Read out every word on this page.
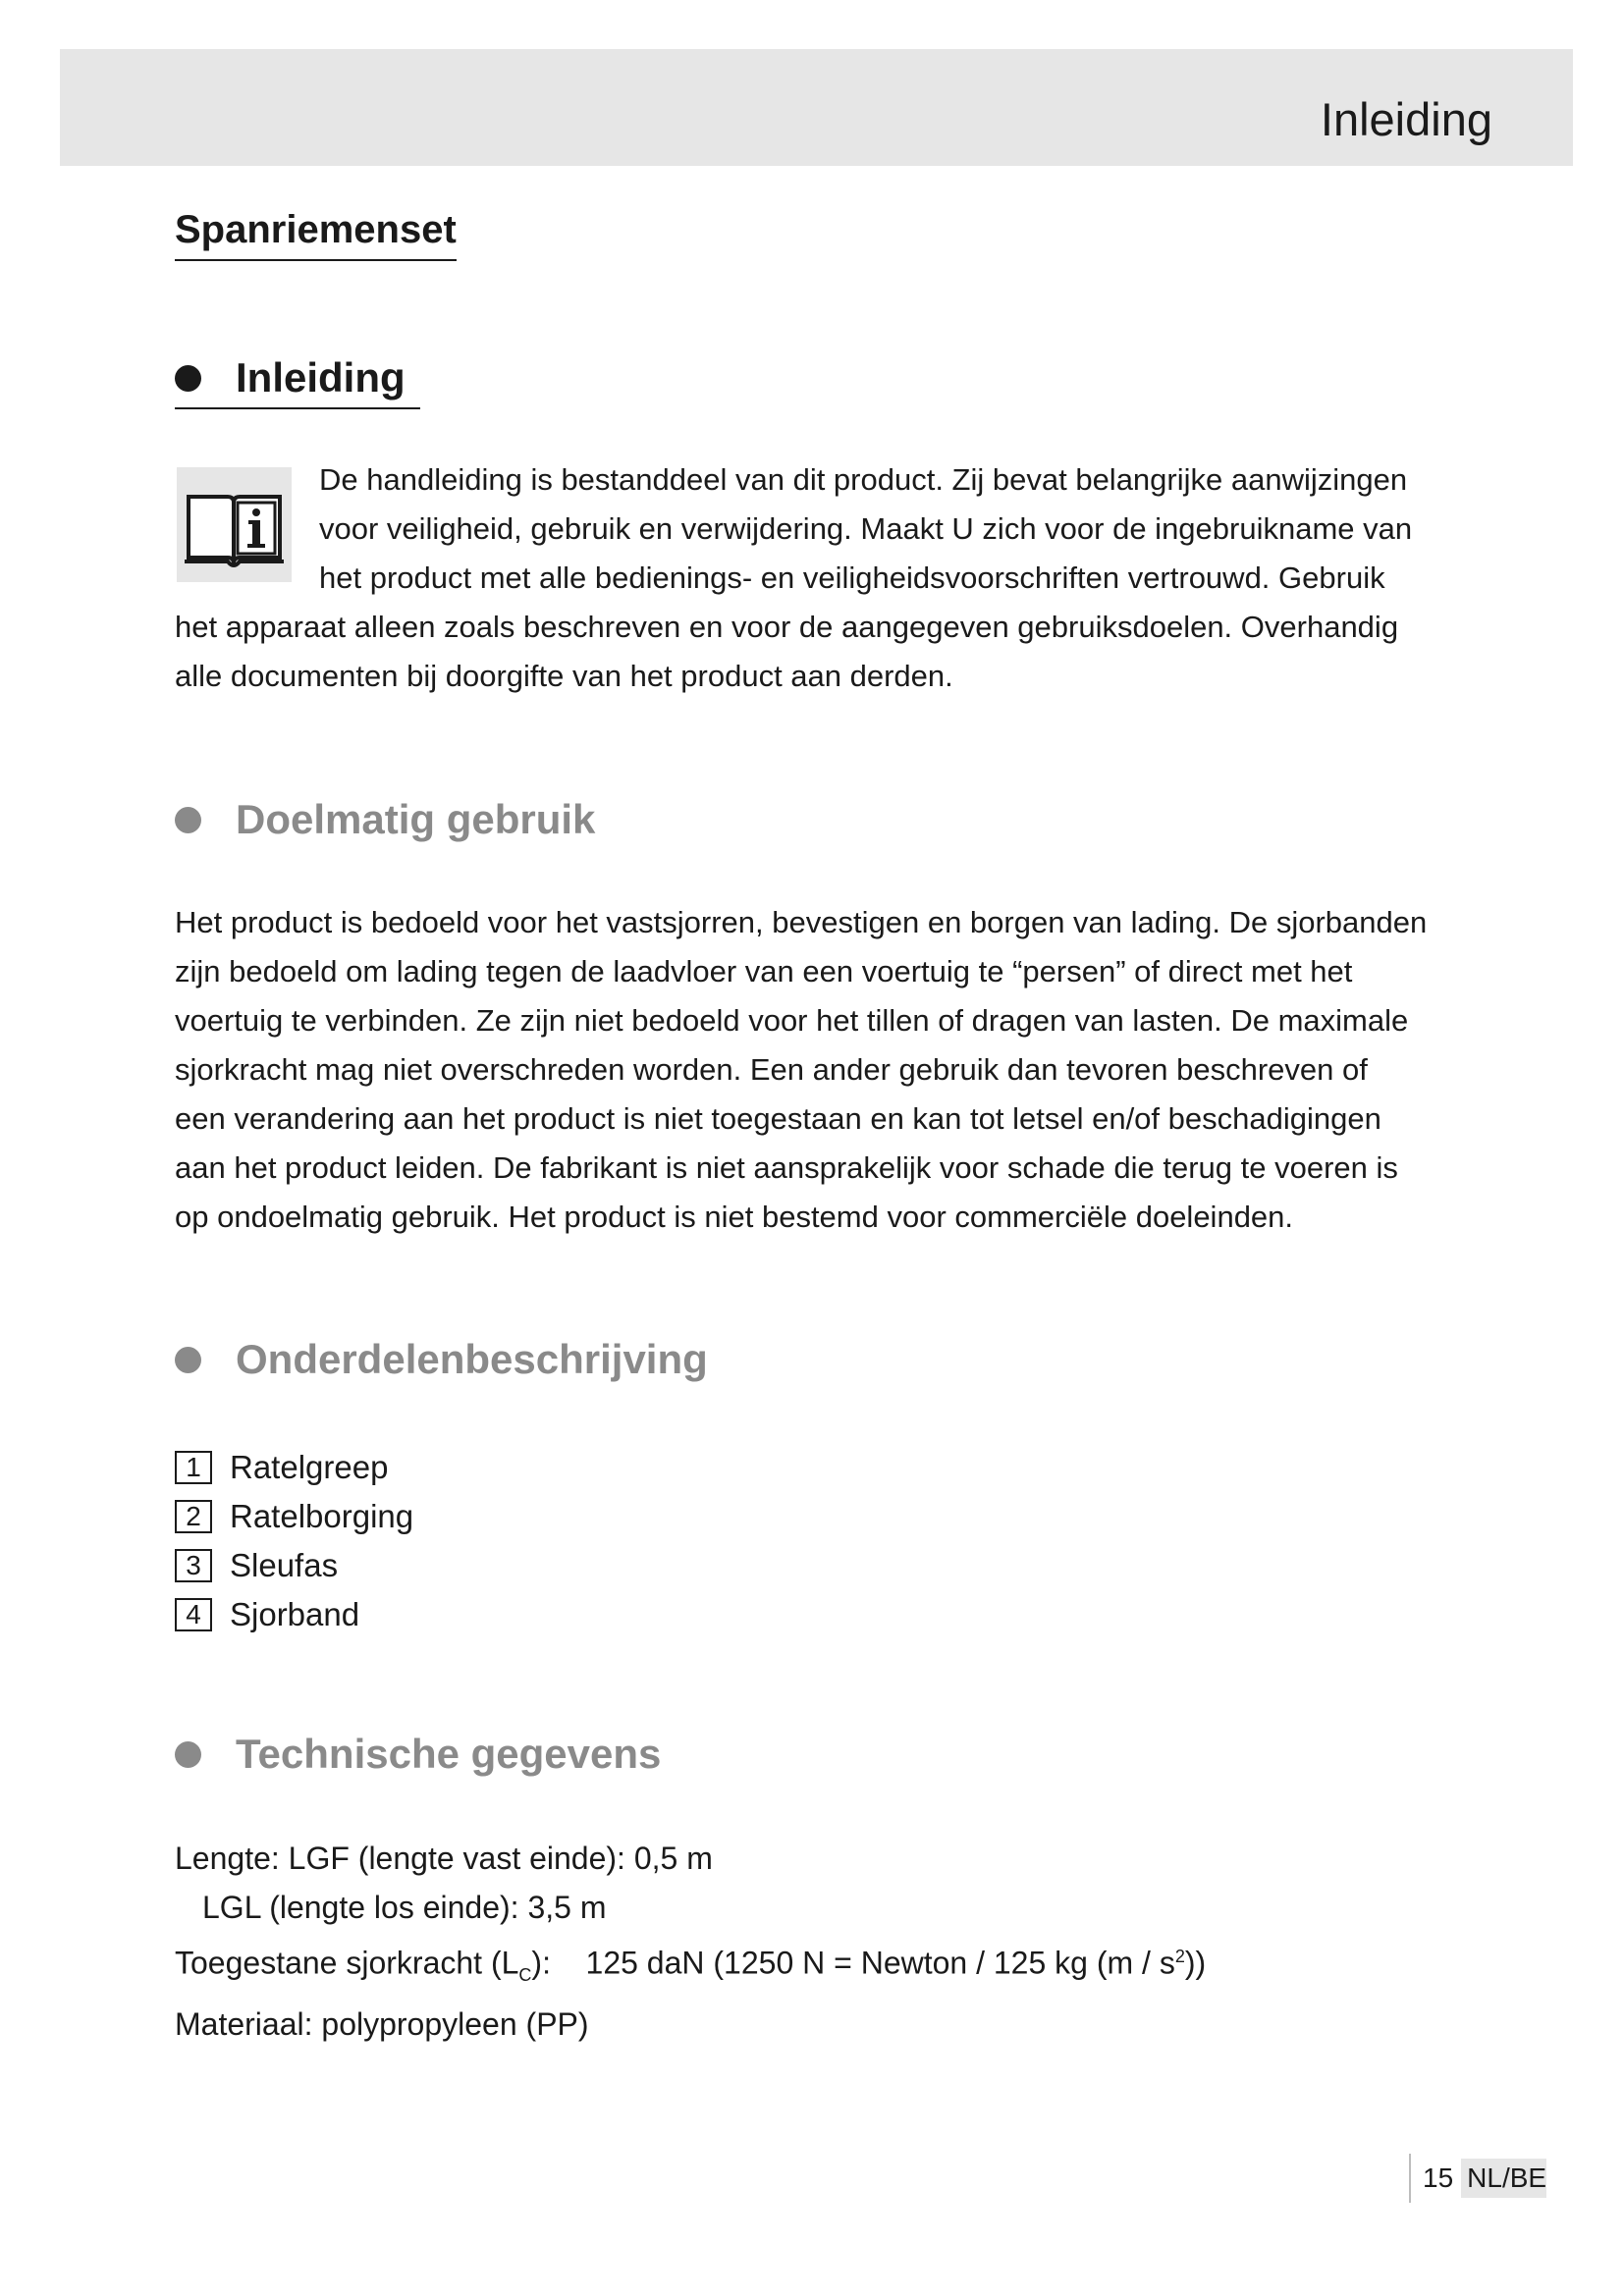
Inleiding
Spanriemenset
Inleiding
De handleiding is bestanddeel van dit product. Zij bevat belangrijke aanwijzingen
voor veiligheid, gebruik en verwijdering. Maakt U zich voor de ingebruikname van
het product met alle bedienings- en veiligheidsvoorschriften vertrouwd. Gebruik
het apparaat alleen zoals beschreven en voor de aangegeven gebruiksdoelen. Overhandig
alle documenten bij doorgifte van het product aan derden.
Doelmatig gebruik
Het product is bedoeld voor het vastsjorren, bevestigen en borgen van lading. De sjorbanden
zijn bedoeld om lading tegen de laadvloer van een voertuig te “persen” of direct met het
voertuig te verbinden. Ze zijn niet bedoeld voor het tillen of dragen van lasten. De maximale
sjorkracht mag niet overschreden worden. Een ander gebruik dan tevoren beschreven of
een verandering aan het product is niet toegestaan en kan tot letsel en/of beschadigingen
aan het product leiden. De fabrikant is niet aansprakelijk voor schade die terug te voeren is
op ondoelmatig gebruik. Het product is niet bestemd voor commerciële doeleinden.
Onderdelenbeschrijving
1 Ratelgreep
2 Ratelborging
3 Sleufas
4 Sjorband
Technische gegevens
Lengte: LGF (lengte vast einde): 0,5 m
LGL (lengte los einde): 3,5 m
Toegestane sjorkracht $(L_C)$: 125 daN (1250 N = Newton / 125 kg $(m / s^2)$)
Materiaal: polypropyleen (PP)
15 NL/BE
